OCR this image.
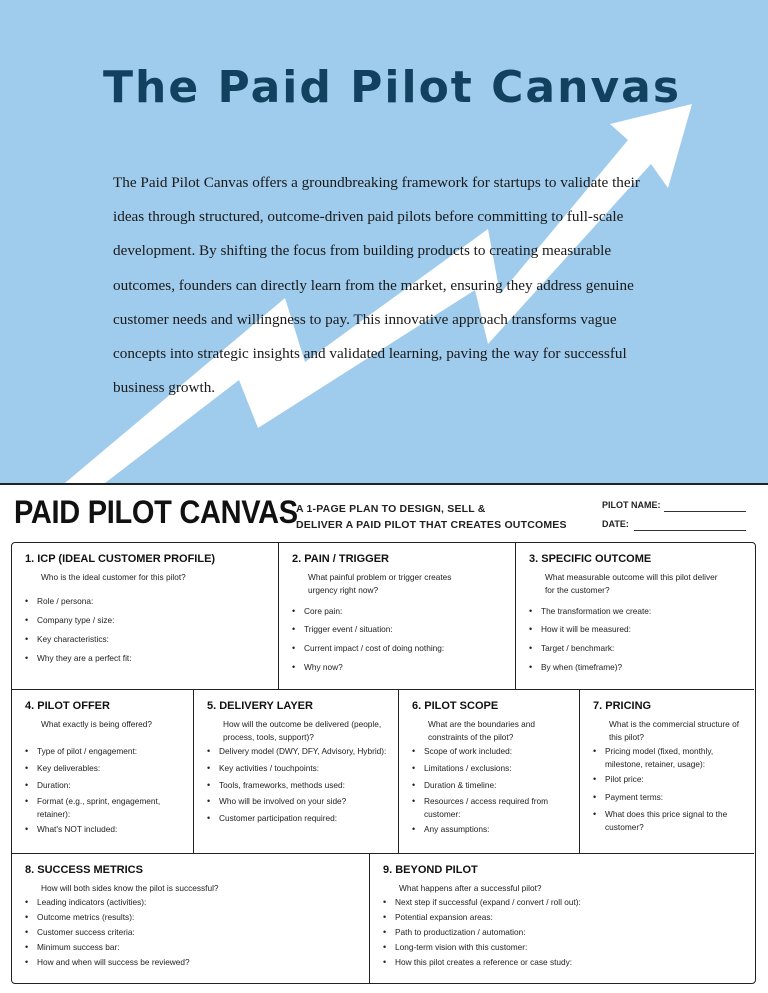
The Paid Pilot Canvas

The Paid Pilot Canvas offers a groundbreaking framework for startups to validate their ideas through structured, outcome-driven paid pilots before committing to full-scale development. By shifting the focus from building products to creating measurable outcomes, founders can directly learn from the market, ensuring they address genuine customer needs and willingness to pay. This innovative approach transforms vague concepts into strategic insights and validated learning, paving the way for successful business growth.

PAID PILOT CANVAS
A 1-PAGE PLAN TO DESIGN, SELL &
DELIVER A PAID PILOT THAT CREATES OUTCOMES
PILOT NAME:
DATE:
1. ICP (IDEAL CUSTOMER PROFILE)
Who is the ideal customer for this pilot?
• Role / persona:
• Company type / size:
• Key characteristics:
• Why they are a perfect fit:
2. PAIN / TRIGGER
What painful problem or trigger creates urgency right now?
• Core pain:
• Trigger event / situation:
• Current impact / cost of doing nothing:
• Why now?
3. SPECIFIC OUTCOME
What measurable outcome will this pilot deliver for the customer?
• The transformation we create:
• How it will be measured:
• Target / benchmark:
• By when (timeframe)?
4. PILOT OFFER
What exactly is being offered?
• Type of pilot / engagement:
• Key deliverables:
• Duration:
• Format (e.g., sprint, engagement, retainer):
• What's NOT included:
5. DELIVERY LAYER
How will the outcome be delivered (people, process, tools, support)?
• Delivery model (DWY, DFY, Advisory, Hybrid):
• Key activities / touchpoints:
• Tools, frameworks, methods used:
• Who will be involved on your side?
• Customer participation required:
6. PILOT SCOPE
What are the boundaries and constraints of the pilot?
• Scope of work included:
• Limitations / exclusions:
• Duration & timeline:
• Resources / access required from customer:
• Any assumptions:
7. PRICING
What is the commercial structure of this pilot?
• Pricing model (fixed, monthly, milestone, retainer, usage):
• Pilot price:
• Payment terms:
• What does this price signal to the customer?
8. SUCCESS METRICS
How will both sides know the pilot is successful?
• Leading indicators (activities):
• Outcome metrics (results):
• Customer success criteria:
• Minimum success bar:
• How and when will success be reviewed?
9. BEYOND PILOT
What happens after a successful pilot?
• Next step if successful (expand / convert / roll out):
• Potential expansion areas:
• Path to productization / automation:
• Long-term vision with this customer:
• How this pilot creates a reference or case study:
